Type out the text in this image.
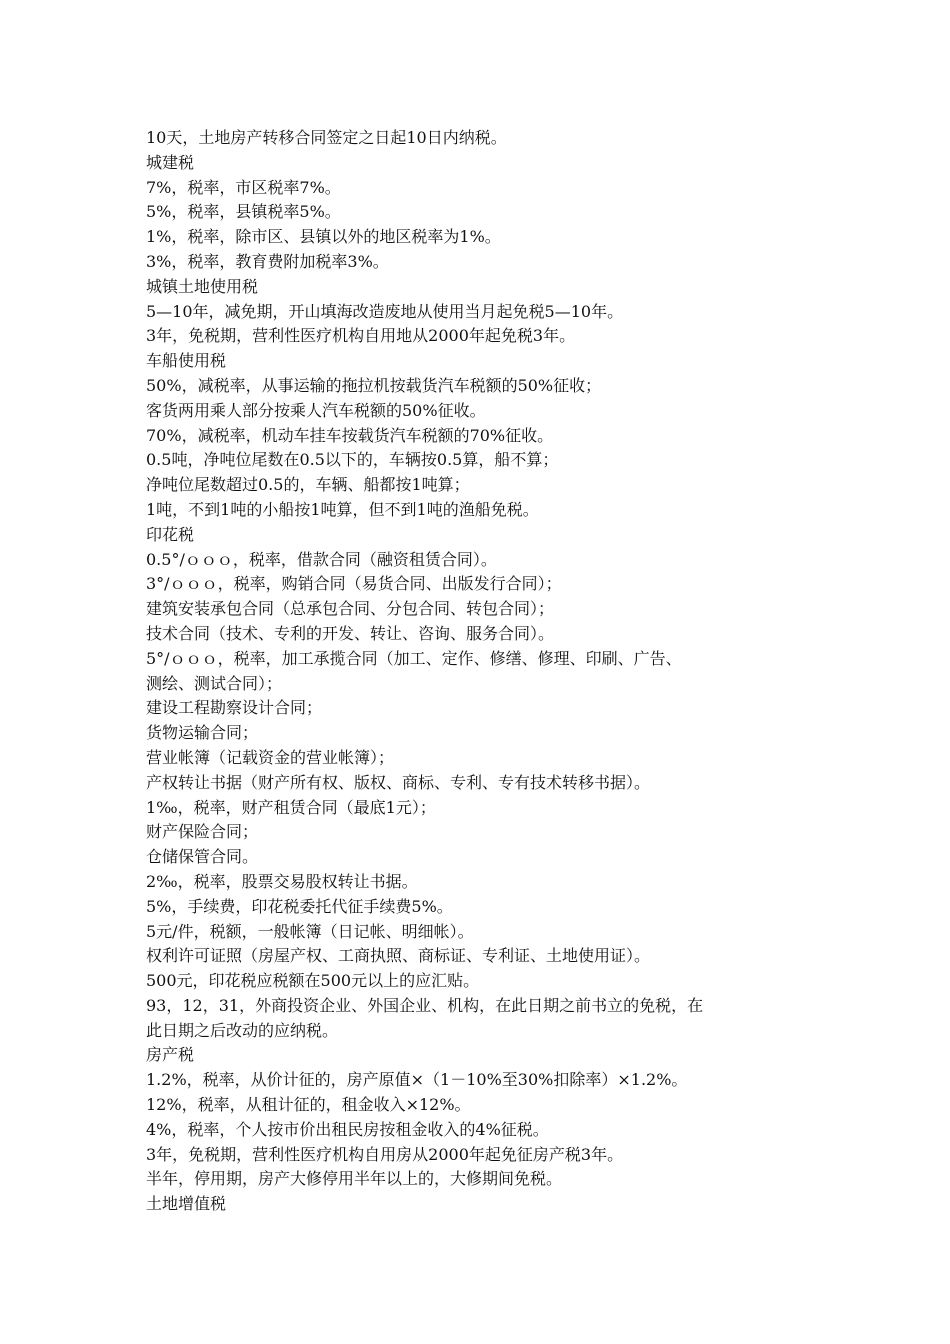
10天，土地房产转移合同签定之日起10日内纳税。
城建税
7%，税率，市区税率7%。
5%，税率，县镇税率5%。
1%，税率，除市区、县镇以外的地区税率为1%。
3%，税率，教育费附加税率3%。
城镇土地使用税
5—10年，减免期，开山填海改造废地从使用当月起免税5—10年。
3年，免税期，营利性医疗机构自用地从2000年起免税3年。
车船使用税
50%，减税率，从事运输的拖拉机按载货汽车税额的50%征收；
客货两用乘人部分按乘人汽车税额的50%征收。
70%，减税率，机动车挂车按载货汽车税额的70%征收。
0.5吨，净吨位尾数在0.5以下的，车辆按0.5算，船不算；
净吨位尾数超过0.5的，车辆、船都按1吨算；
1吨，不到1吨的小船按1吨算，但不到1吨的渔船免税。
印花税
0.5°/ｏｏｏ，税率，借款合同（融资租赁合同）。
3°/ｏｏｏ，税率，购销合同（易货合同、出版发行合同）；
建筑安装承包合同（总承包合同、分包合同、转包合同）；
技术合同（技术、专利的开发、转让、咨询、服务合同）。
5°/ｏｏｏ，税率，加工承揽合同（加工、定作、修缮、修理、印刷、广告、
测绘、测试合同）；
建设工程勘察设计合同；
货物运输合同；
营业帐簿（记载资金的营业帐簿）；
产权转让书据（财产所有权、版权、商标、专利、专有技术转移书据）。
1‰，税率，财产租赁合同（最底1元）；
财产保险合同；
仓储保管合同。
2‰，税率，股票交易股权转让书据。
5%，手续费，印花税委托代征手续费5%。
5元/件，税额，一般帐簿（日记帐、明细帐）。
权利许可证照（房屋产权、工商执照、商标证、专利证、土地使用证）。
500元，印花税应税额在500元以上的应汇贴。
93，12，31，外商投资企业、外国企业、机构，在此日期之前书立的免税，在
此日期之后改动的应纳税。
房产税
1.2%，税率，从价计征的，房产原值×（1－10%至30%扣除率）×1.2%。
12%，税率，从租计征的，租金收入×12%。
4%，税率，个人按市价出租民房按租金收入的4%征税。
3年，免税期，营利性医疗机构自用房从2000年起免征房产税3年。
半年，停用期，房产大修停用半年以上的，大修期间免税。
土地增值税
